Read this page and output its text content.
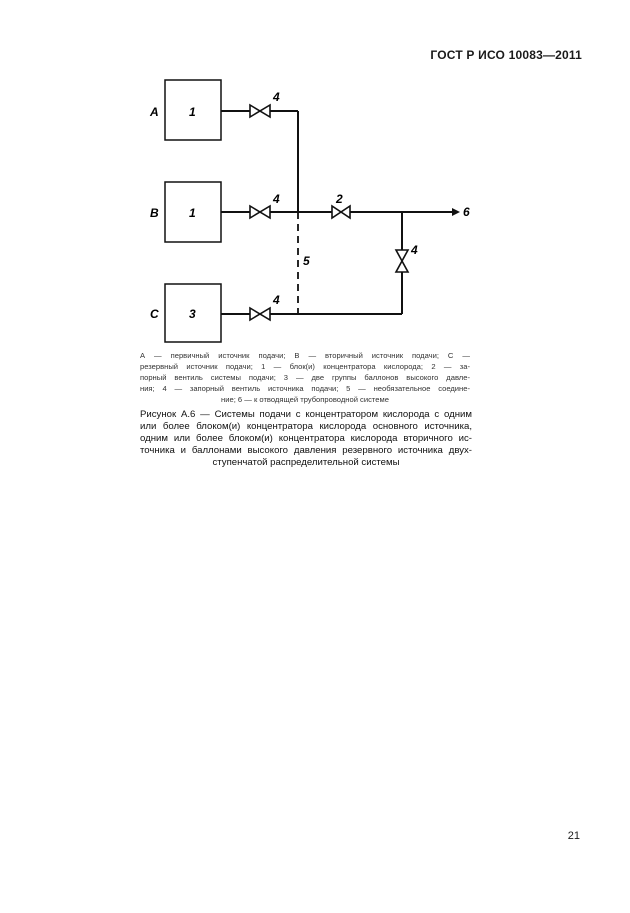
ГОСТ Р ИСО 10083—2011
A
B
C
1
1
3
4
4
4
2
4
5
6
А — первичный источник подачи; В — вторичный источник подачи; С —
резервный источник подачи; 1 — блок(и) концентратора кислорода; 2 — за-
порный вентиль системы подачи; 3 — две группы баллонов высокого давле-
ния; 4 — запорный вентиль источника подачи; 5 — необязательное соедине-
ние; 6 — к отводящей трубопроводной системе
Рисунок А.6 — Системы подачи с концентратором кислорода с одним
или более блоком(и) концентратора кислорода основного источника,
одним или более блоком(и) концентратора кислорода вторичного ис-
точника и баллонами высокого давления резервного источника двух-
ступенчатой распределительной системы
21
